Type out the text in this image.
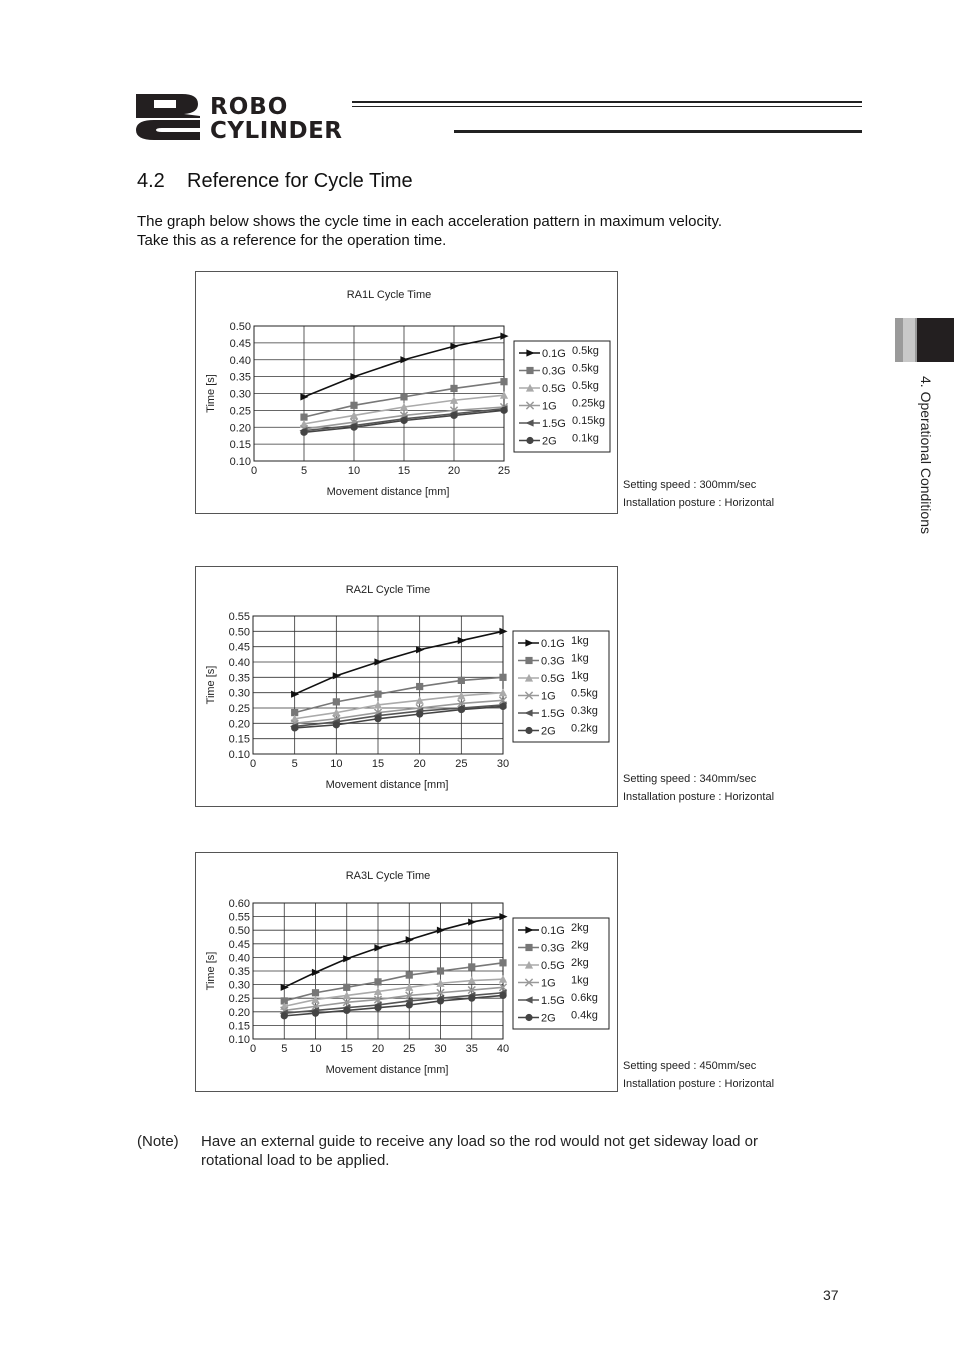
ROBO
CYLINDER
4.2    Reference for Cycle Time
The graph below shows the cycle time in each acceleration pattern in maximum velocity.
Take this as a reference for the operation time.
4. Operational Conditions
RA1L Cycle Time
0	5	10	15	20	25
0.10
0.15
0.20
0.25
0.30
0.35
0.40
0.45
0.50
Movement distance [mm]
Time [s]
0.1G 0.5kg
0.3G 0.5kg
0.5G 0.5kg
1G 0.25kg
1.5G 0.15kg
2G 0.1kg
Setting speed : 300mm/sec
Installation posture : Horizontal
RA2L Cycle Time
0	5	10	15	20	25	30
0.10
0.15
0.20
0.25
0.30
0.35
0.40
0.45
0.50
0.55
Movement distance [mm]
Time [s]
0.1G 1kg
0.3G 1kg
0.5G 1kg
1G 0.5kg
1.5G 0.3kg
2G 0.2kg
Setting speed : 340mm/sec
Installation posture : Horizontal
RA3L Cycle Time
0 5 10 15 20 25 30 35 40
0.10
0.15
0.20
0.25
0.30
0.35
0.40
0.45
0.50
0.55
0.60
Movement distance [mm]
Time [s]
0.1G 2kg
0.3G 2kg
0.5G 2kg
1G 1kg
1.5G 0.6kg
2G 0.4kg
Setting speed : 450mm/sec
Installation posture : Horizontal
(Note) Have an external guide to receive any load so the rod would not get sideway load or
rotational load to be applied.
37
